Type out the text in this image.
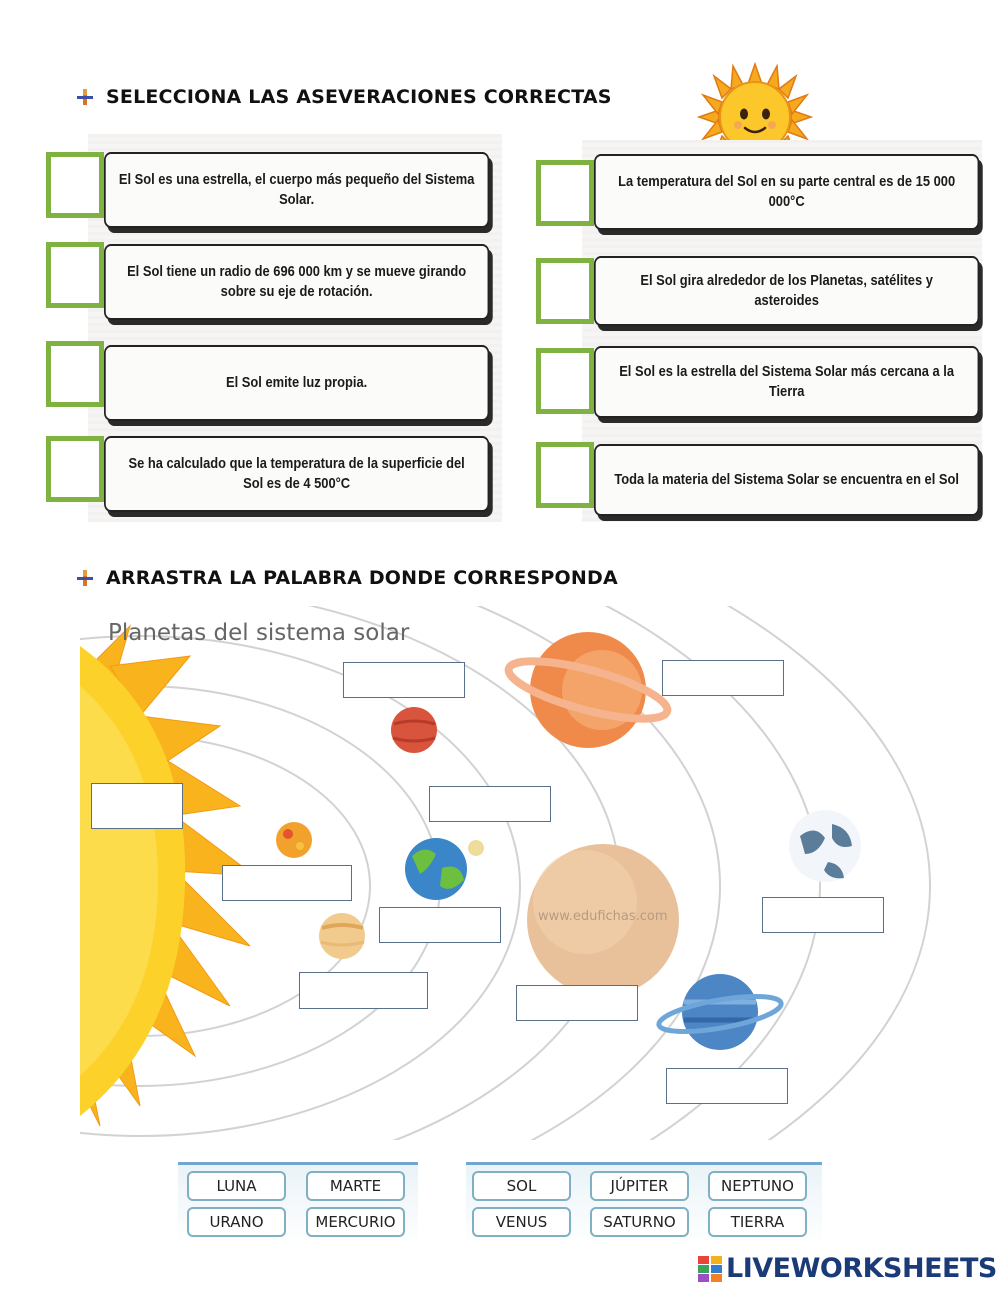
SELECCIONA LAS ASEVERACIONES CORRECTAS
El Sol es una estrella, el cuerpo más pequeño del Sistema Solar.
El Sol tiene un radio de 696 000 km y se mueve girando sobre su eje de rotación.
El Sol emite luz propia.
Se ha calculado que la temperatura de la superficie del Sol es de 4 500°C
La temperatura del Sol en su parte central es de 15 000 000°C
El Sol gira alrededor de los Planetas, satélites y asteroides
El Sol es la estrella del Sistema Solar más cercana a la Tierra
Toda la materia del Sistema Solar se encuentra en el Sol
ARRASTRA LA PALABRA DONDE CORRESPONDA
Planetas del sistema solar
www.edufichas.com
LUNA	MARTE
URANO	MERCURIO
SOL	JÚPITER	NEPTUNO
VENUS	SATURNO	TIERRA
LIVEWORKSHEETS
